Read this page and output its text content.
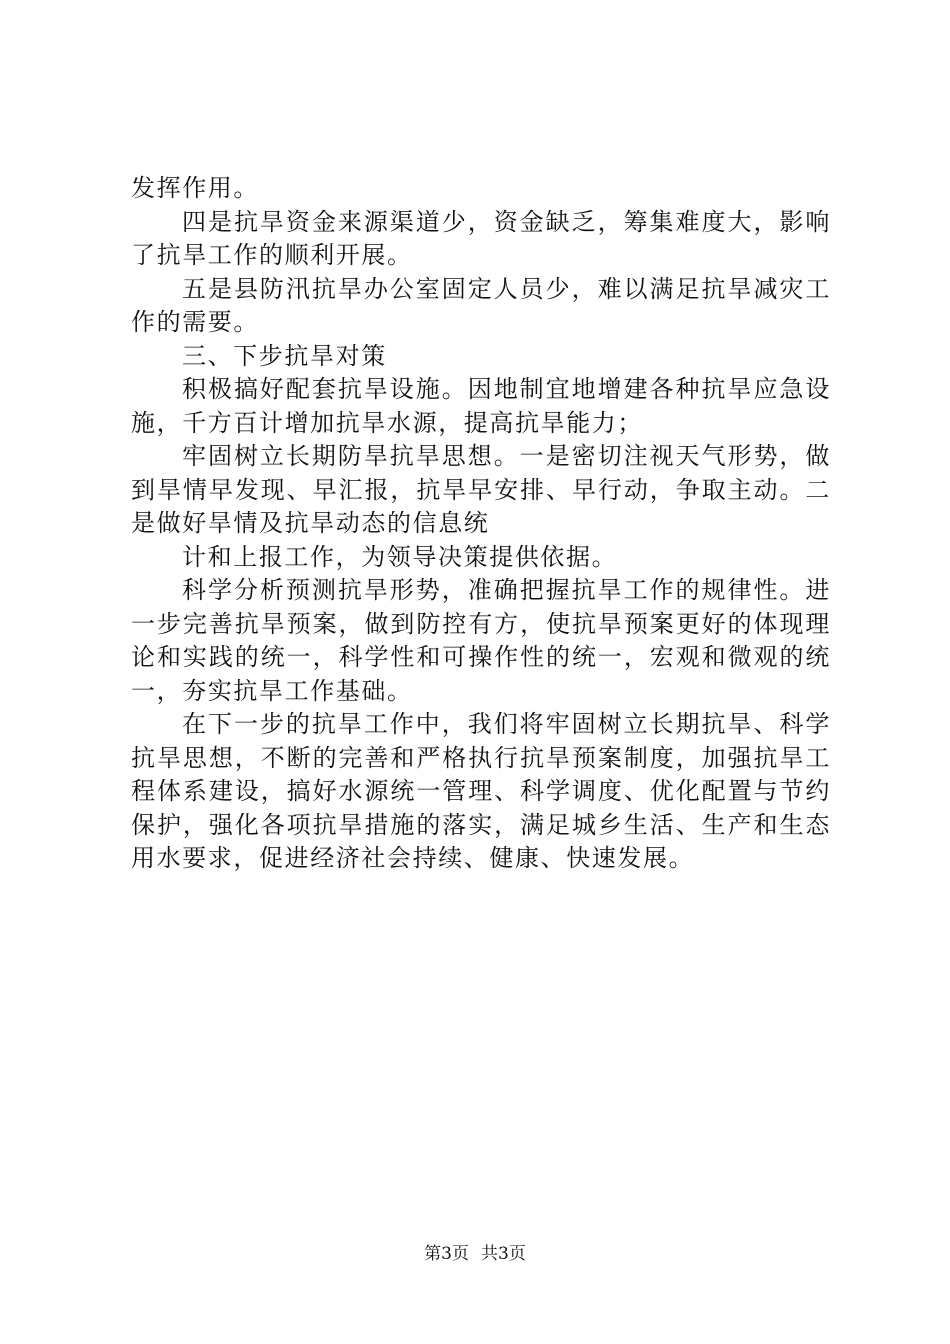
发挥作用。

四是抗旱资金来源渠道少，资金缺乏，筹集难度大，影响了抗旱工作的顺利开展。

五是县防汛抗旱办公室固定人员少，难以满足抗旱减灾工作的需要。

三、下步抗旱对策

积极搞好配套抗旱设施。因地制宜地增建各种抗旱应急设施，千方百计增加抗旱水源，提高抗旱能力；

牢固树立长期防旱抗旱思想。一是密切注视天气形势，做到旱情早发现、早汇报，抗旱早安排、早行动，争取主动。二是做好旱情及抗旱动态的信息统

计和上报工作，为领导决策提供依据。

科学分析预测抗旱形势，准确把握抗旱工作的规律性。进一步完善抗旱预案，做到防控有方，使抗旱预案更好的体现理论和实践的统一，科学性和可操作性的统一，宏观和微观的统一，夯实抗旱工作基础。

在下一步的抗旱工作中，我们将牢固树立长期抗旱、科学抗旱思想，不断的完善和严格执行抗旱预案制度，加强抗旱工程体系建设，搞好水源统一管理、科学调度、优化配置与节约保护，强化各项抗旱措施的落实，满足城乡生活、生产和生态用水要求，促进经济社会持续、健康、快速发展。

第3页 共3页
